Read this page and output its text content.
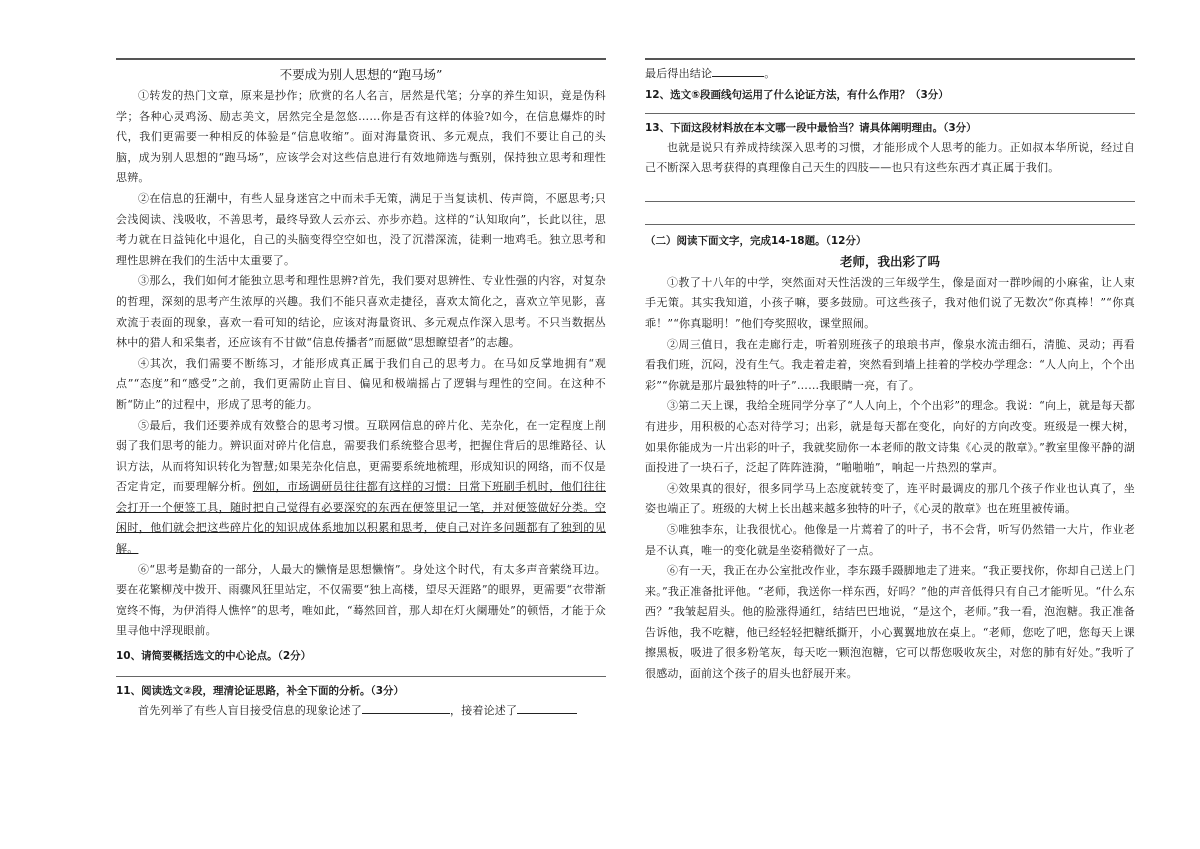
不要成为别人思想的“跑马场”

①转发的热门文章，原来是抄作；欣赏的名人名言，居然是代笔；分享的养生知识，竟是伪科学；各种心灵鸡汤、励志美文，居然完全是忽悠……你是否有这样的体验?如今，在信息爆炸的时代，我们更需要一种相反的体验是“信息收缩”。面对海量资讯、多元观点，我们不要让自己的头脑，成为别人思想的“跑马场”，应该学会对这些信息进行有效地筛选与甄别，保持独立思考和理性思辨。

②在信息的狂潮中，有些人显身迷宫之中而未手无策，满足于当复读机、传声筒，不愿思考;只会浅阅读、浅吸收，不善思考，最终导致人云亦云、亦步亦趋。这样的“认知取向”，长此以往，思考力就在日益钝化中退化，自己的头脑变得空空如也，没了沉潜深流，徒剩一地鸡毛。独立思考和理性思辨在我们的生活中太重要了。

③那么，我们如何才能独立思考和理性思辨?首先，我们要对思辨性、专业性强的内容，对复杂的哲理，深刻的思考产生浓厚的兴趣。我们不能只喜欢走捷径，喜欢太简化之，喜欢立竿见影，喜欢流于表面的现象，喜欢一看可知的结论，应该对海量资讯、多元观点作深入思考。不只当数据丛林中的猎人和采集者，还应该有不甘做“信息传播者”而愿做“思想瞭望者”的志趣。

④其次，我们需要不断练习，才能形成真正属于我们自己的思考力。在马如反掌地拥有“观点”“态度”和“感受”之前，我们更需防止盲目、偏见和极端摇占了逻辑与理性的空间。在这种不断“防止”的过程中，形成了思考的能力。

⑤最后，我们还要养成有效整合的思考习惯。互联网信息的碎片化、芜杂化，在一定程度上削弱了我们思考的能力。辨识面对碎片化信息，需要我们系统整合思考，把握住背后的思维路径、认识方法，从而将知识转化为智慧;如果芜杂化信息，更需要系统地梳理，形成知识的网络，而不仅是否定肯定，而要理解分析。例如，市场调研员往往都有这样的习惯：日常下班刷手机时，他们往往会打开一个便签工具，随时把自己觉得有必要深究的东西在便签里记一笔，并对便签做好分类。空闲时，他们就会把这些碎片化的知识成体系地加以积累和思考，使自己对许多问题都有了独到的见解。

⑥“思考是勤奋的一部分，人最大的懒惰是思想懒惰”。身处这个时代，有太多声音萦绕耳边。要在花繁柳茂中拨开、雨骤风狂里站定，不仅需要“独上高楼，望尽天涯路”的眼界，更需要“衣带渐宽终不悔，为伊消得人憔悴”的思考，唯如此，“蓦然回首，那人却在灯火阑珊处”的顿悟，才能于众里寻他中浮现眼前。

10、请简要概括选文的中心论点。（2分）

11、阅读选文②段，理清论证思路，补全下面的分析。（3分）

首先列举了有些人盲目接受信息的现象论述了	，接着论述了

最后得出结论	。

12、选文⑤段画线句运用了什么论证方法，有什么作用？（3分）

13、下面这段材料放在本文哪一段中最恰当？请具体阐明理由。（3分）

也就是说只有养成持续深入思考的习惯，才能形成个人思考的能力。正如叔本华所说，经过自己不断深入思考获得的真理像自己天生的四肢——也只有这些东西才真正属于我们。

（二）阅读下面文字，完成14-18题。（12分）

老师，我出彩了吗

①教了十八年的中学，突然面对天性活泼的三年级学生，像是面对一群吵闹的小麻雀，让人束手无策。其实我知道，小孩子嘛，要多鼓励。可这些孩子，我对他们说了无数次“你真棒！”“你真乖！”“你真聪明！”他们夸奖照收，课堂照闹。

②周三值日，我在走廊行走，听着别班孩子的琅琅书声，像泉水流击细石，清脆、灵动；再看看我们班，沉闷，没有生气。我走着走着，突然看到墙上挂着的学校办学理念：“人人向上，个个出彩”“你就是那片最独特的叶子”……我眼睛一亮，有了。

③第二天上课，我给全班同学分享了“人人向上，个个出彩”的理念。我说：“向上，就是每天都有进步，用积极的心态对待学习；出彩，就是每天都在变化，向好的方向改变。班级是一棵大树，如果你能成为一片出彩的叶子，我就奖励你一本老师的散文诗集《心灵的散章》。”教室里像平静的湖面投进了一块石子，泛起了阵阵涟漪，“啪啪啪”，响起一片热烈的掌声。

④效果真的很好，很多同学马上态度就转变了，连平时最调皮的那几个孩子作业也认真了，坐姿也端正了。班级的大树上长出越来越多独特的叶子，《心灵的散章》也在班里被传诵。

⑤唯独李东，让我很忧心。他像是一片蔫着了的叶子，书不会背，听写仍然错一大片，作业老是不认真，唯一的变化就是坐姿稍微好了一点。

⑥有一天，我正在办公室批改作业，李东蹑手蹑脚地走了进来。“我正要找你，你却自己送上门来。”我正准备批评他。“老师，我送你一样东西，好吗？”他的声音低得只有自己才能听见。“什么东西？”我皱起眉头。他的脸涨得通红，结结巴巴地说，“是这个，老师。”我一看，泡泡糖。我正准备告诉他，我不吃糖，他已经轻轻把糖纸撕开，小心翼翼地放在桌上。“老师，您吃了吧，您每天上课擦黑板，吸进了很多粉笔灰，每天吃一颗泡泡糖，它可以帮您吸收灰尘，对您的肺有好处。”我听了很感动，面前这个孩子的眉头也舒展开来。
